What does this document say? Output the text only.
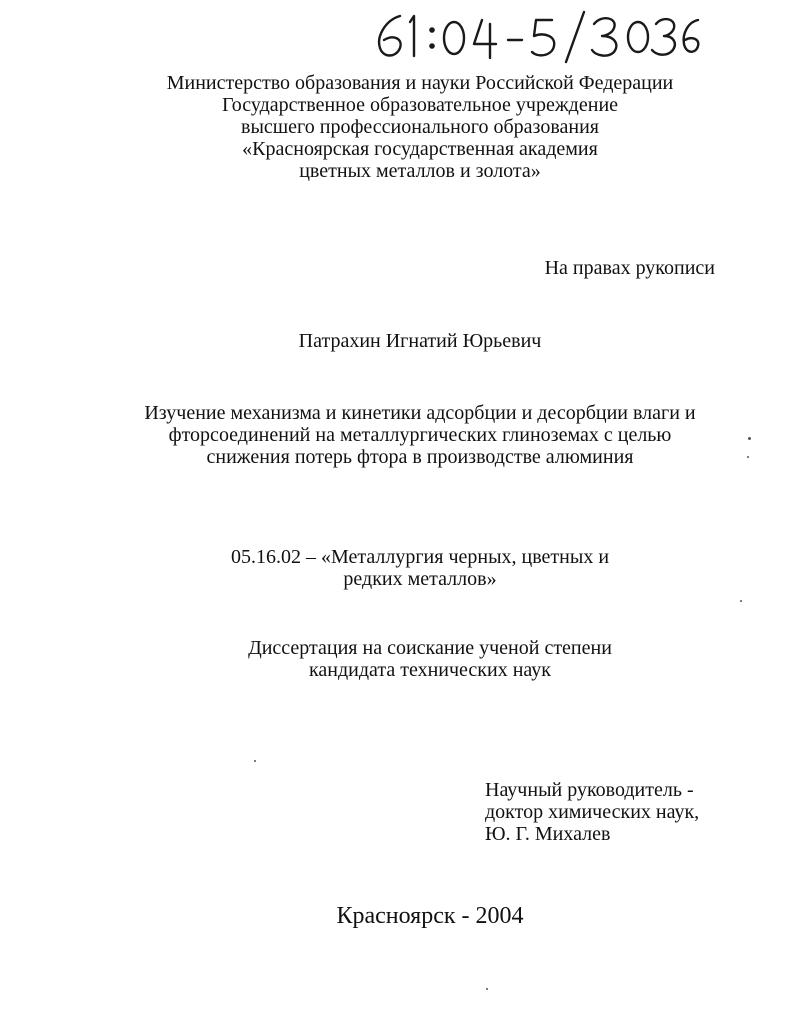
Министерство образования и науки Российской Федерации
Государственное образовательное учреждение
высшего профессионального образования
«Красноярская государственная академия
цветных металлов и золота»
На правах рукописи
Патрахин Игнатий Юрьевич
Изучение механизма и кинетики адсорбции и десорбции влаги и
фторсоединений на металлургических глиноземах с целью
снижения потерь фтора в производстве алюминия
05.16.02 – «Металлургия черных, цветных и
редких металлов»
Диссертация на соискание ученой степени
кандидата технических наук
Научный руководитель -
доктор химических наук,
Ю. Г. Михалев
Красноярск - 2004
